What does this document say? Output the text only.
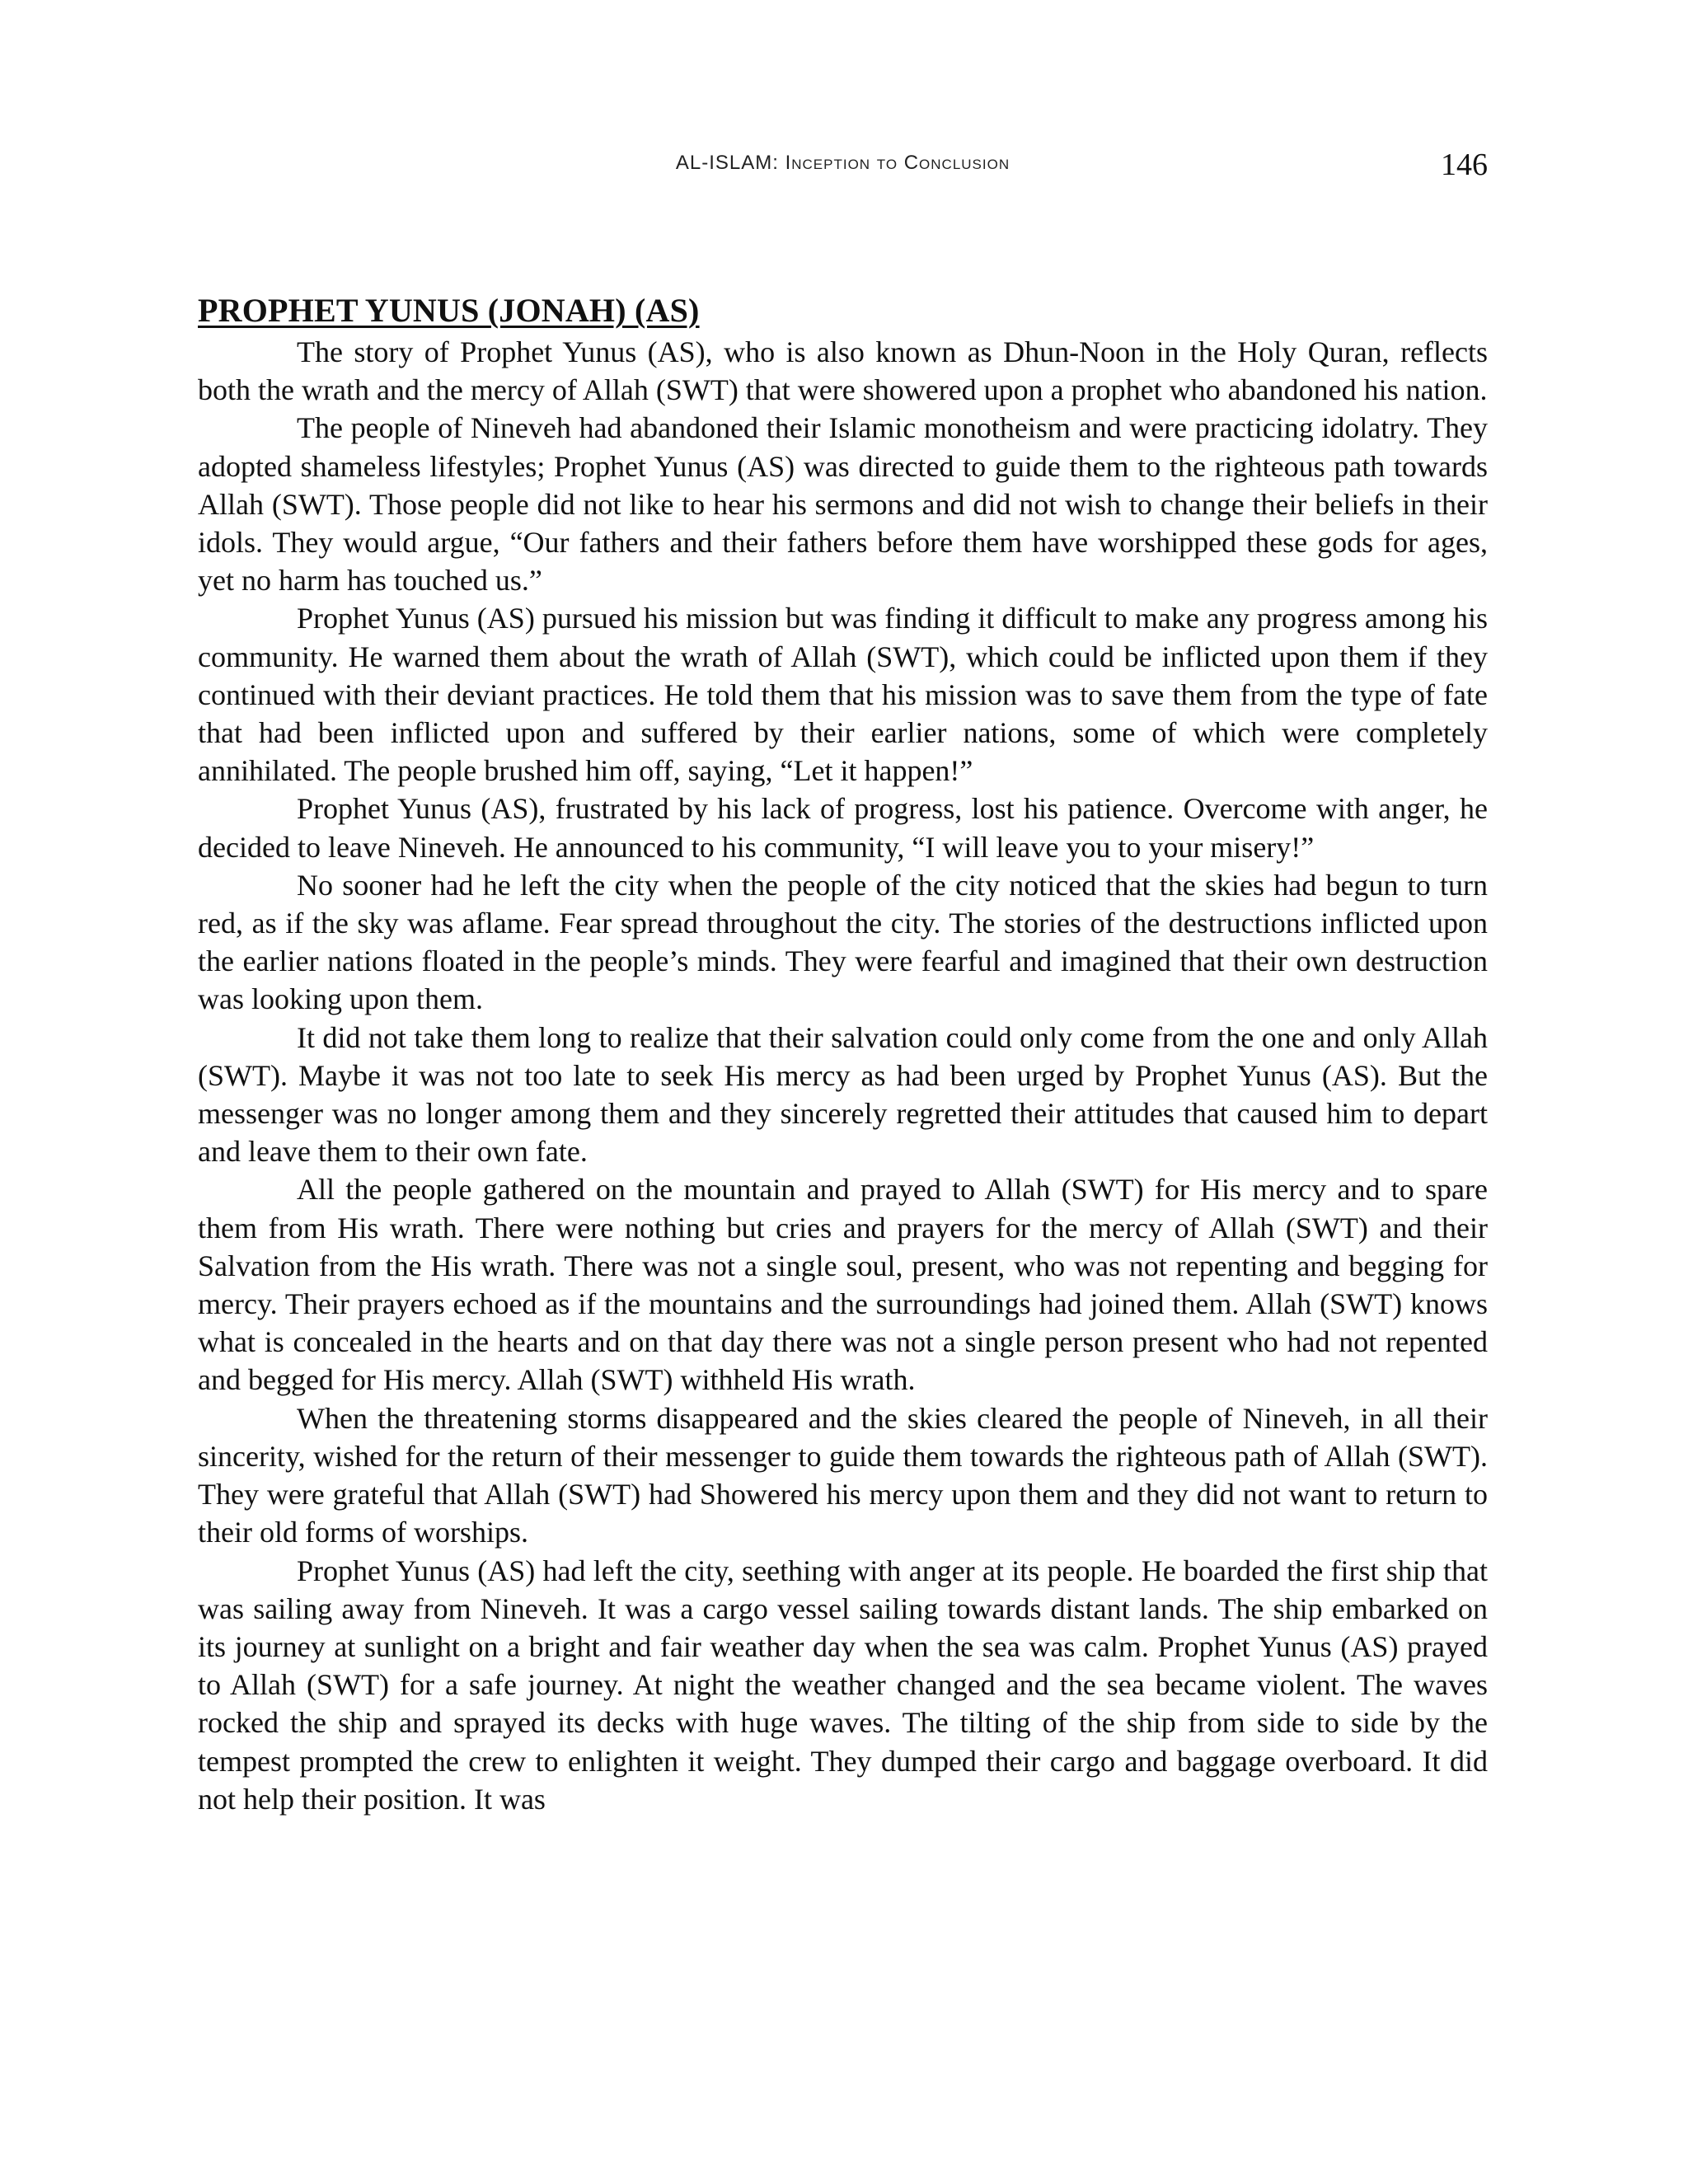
AL-ISLAM: Inception to Conclusion	146
PROPHET YUNUS (JONAH) (AS)

The story of Prophet Yunus (AS), who is also known as Dhun-Noon in the Holy Quran, reflects both the wrath and the mercy of Allah (SWT) that were showered upon a prophet who abandoned his nation.

The people of Nineveh had abandoned their Islamic monotheism and were practicing idolatry. They adopted shameless lifestyles; Prophet Yunus (AS) was directed to guide them to the righteous path towards Allah (SWT). Those people did not like to hear his sermons and did not wish to change their beliefs in their idols. They would argue, “Our fathers and their fathers before them have worshipped these gods for ages, yet no harm has touched us.”

Prophet Yunus (AS) pursued his mission but was finding it difficult to make any progress among his community. He warned them about the wrath of Allah (SWT), which could be inflicted upon them if they continued with their deviant practices. He told them that his mission was to save them from the type of fate that had been inflicted upon and suffered by their earlier nations, some of which were completely annihilated. The people brushed him off, saying, “Let it happen!”

Prophet Yunus (AS), frustrated by his lack of progress, lost his patience. Overcome with anger, he decided to leave Nineveh. He announced to his community, “I will leave you to your misery!”

No sooner had he left the city when the people of the city noticed that the skies had begun to turn red, as if the sky was aflame. Fear spread throughout the city. The stories of the destructions inflicted upon the earlier nations floated in the people’s minds. They were fearful and imagined that their own destruction was looking upon them.

It did not take them long to realize that their salvation could only come from the one and only Allah (SWT). Maybe it was not too late to seek His mercy as had been urged by Prophet Yunus (AS). But the messenger was no longer among them and they sincerely regretted their attitudes that caused him to depart and leave them to their own fate.

All the people gathered on the mountain and prayed to Allah (SWT) for His mercy and to spare them from His wrath. There were nothing but cries and prayers for the mercy of Allah (SWT) and their Salvation from the His wrath. There was not a single soul, present, who was not repenting and begging for mercy. Their prayers echoed as if the mountains and the surroundings had joined them. Allah (SWT) knows what is concealed in the hearts and on that day there was not a single person present who had not repented and begged for His mercy. Allah (SWT) withheld His wrath.

When the threatening storms disappeared and the skies cleared the people of Nineveh, in all their sincerity, wished for the return of their messenger to guide them towards the righteous path of Allah (SWT). They were grateful that Allah (SWT) had Showered his mercy upon them and they did not want to return to their old forms of worships.

Prophet Yunus (AS) had left the city, seething with anger at its people. He boarded the first ship that was sailing away from Nineveh. It was a cargo vessel sailing towards distant lands. The ship embarked on its journey at sunlight on a bright and fair weather day when the sea was calm. Prophet Yunus (AS) prayed to Allah (SWT) for a safe journey. At night the weather changed and the sea became violent. The waves rocked the ship and sprayed its decks with huge waves. The tilting of the ship from side to side by the tempest prompted the crew to enlighten it weight. They dumped their cargo and baggage overboard. It did not help their position. It was
